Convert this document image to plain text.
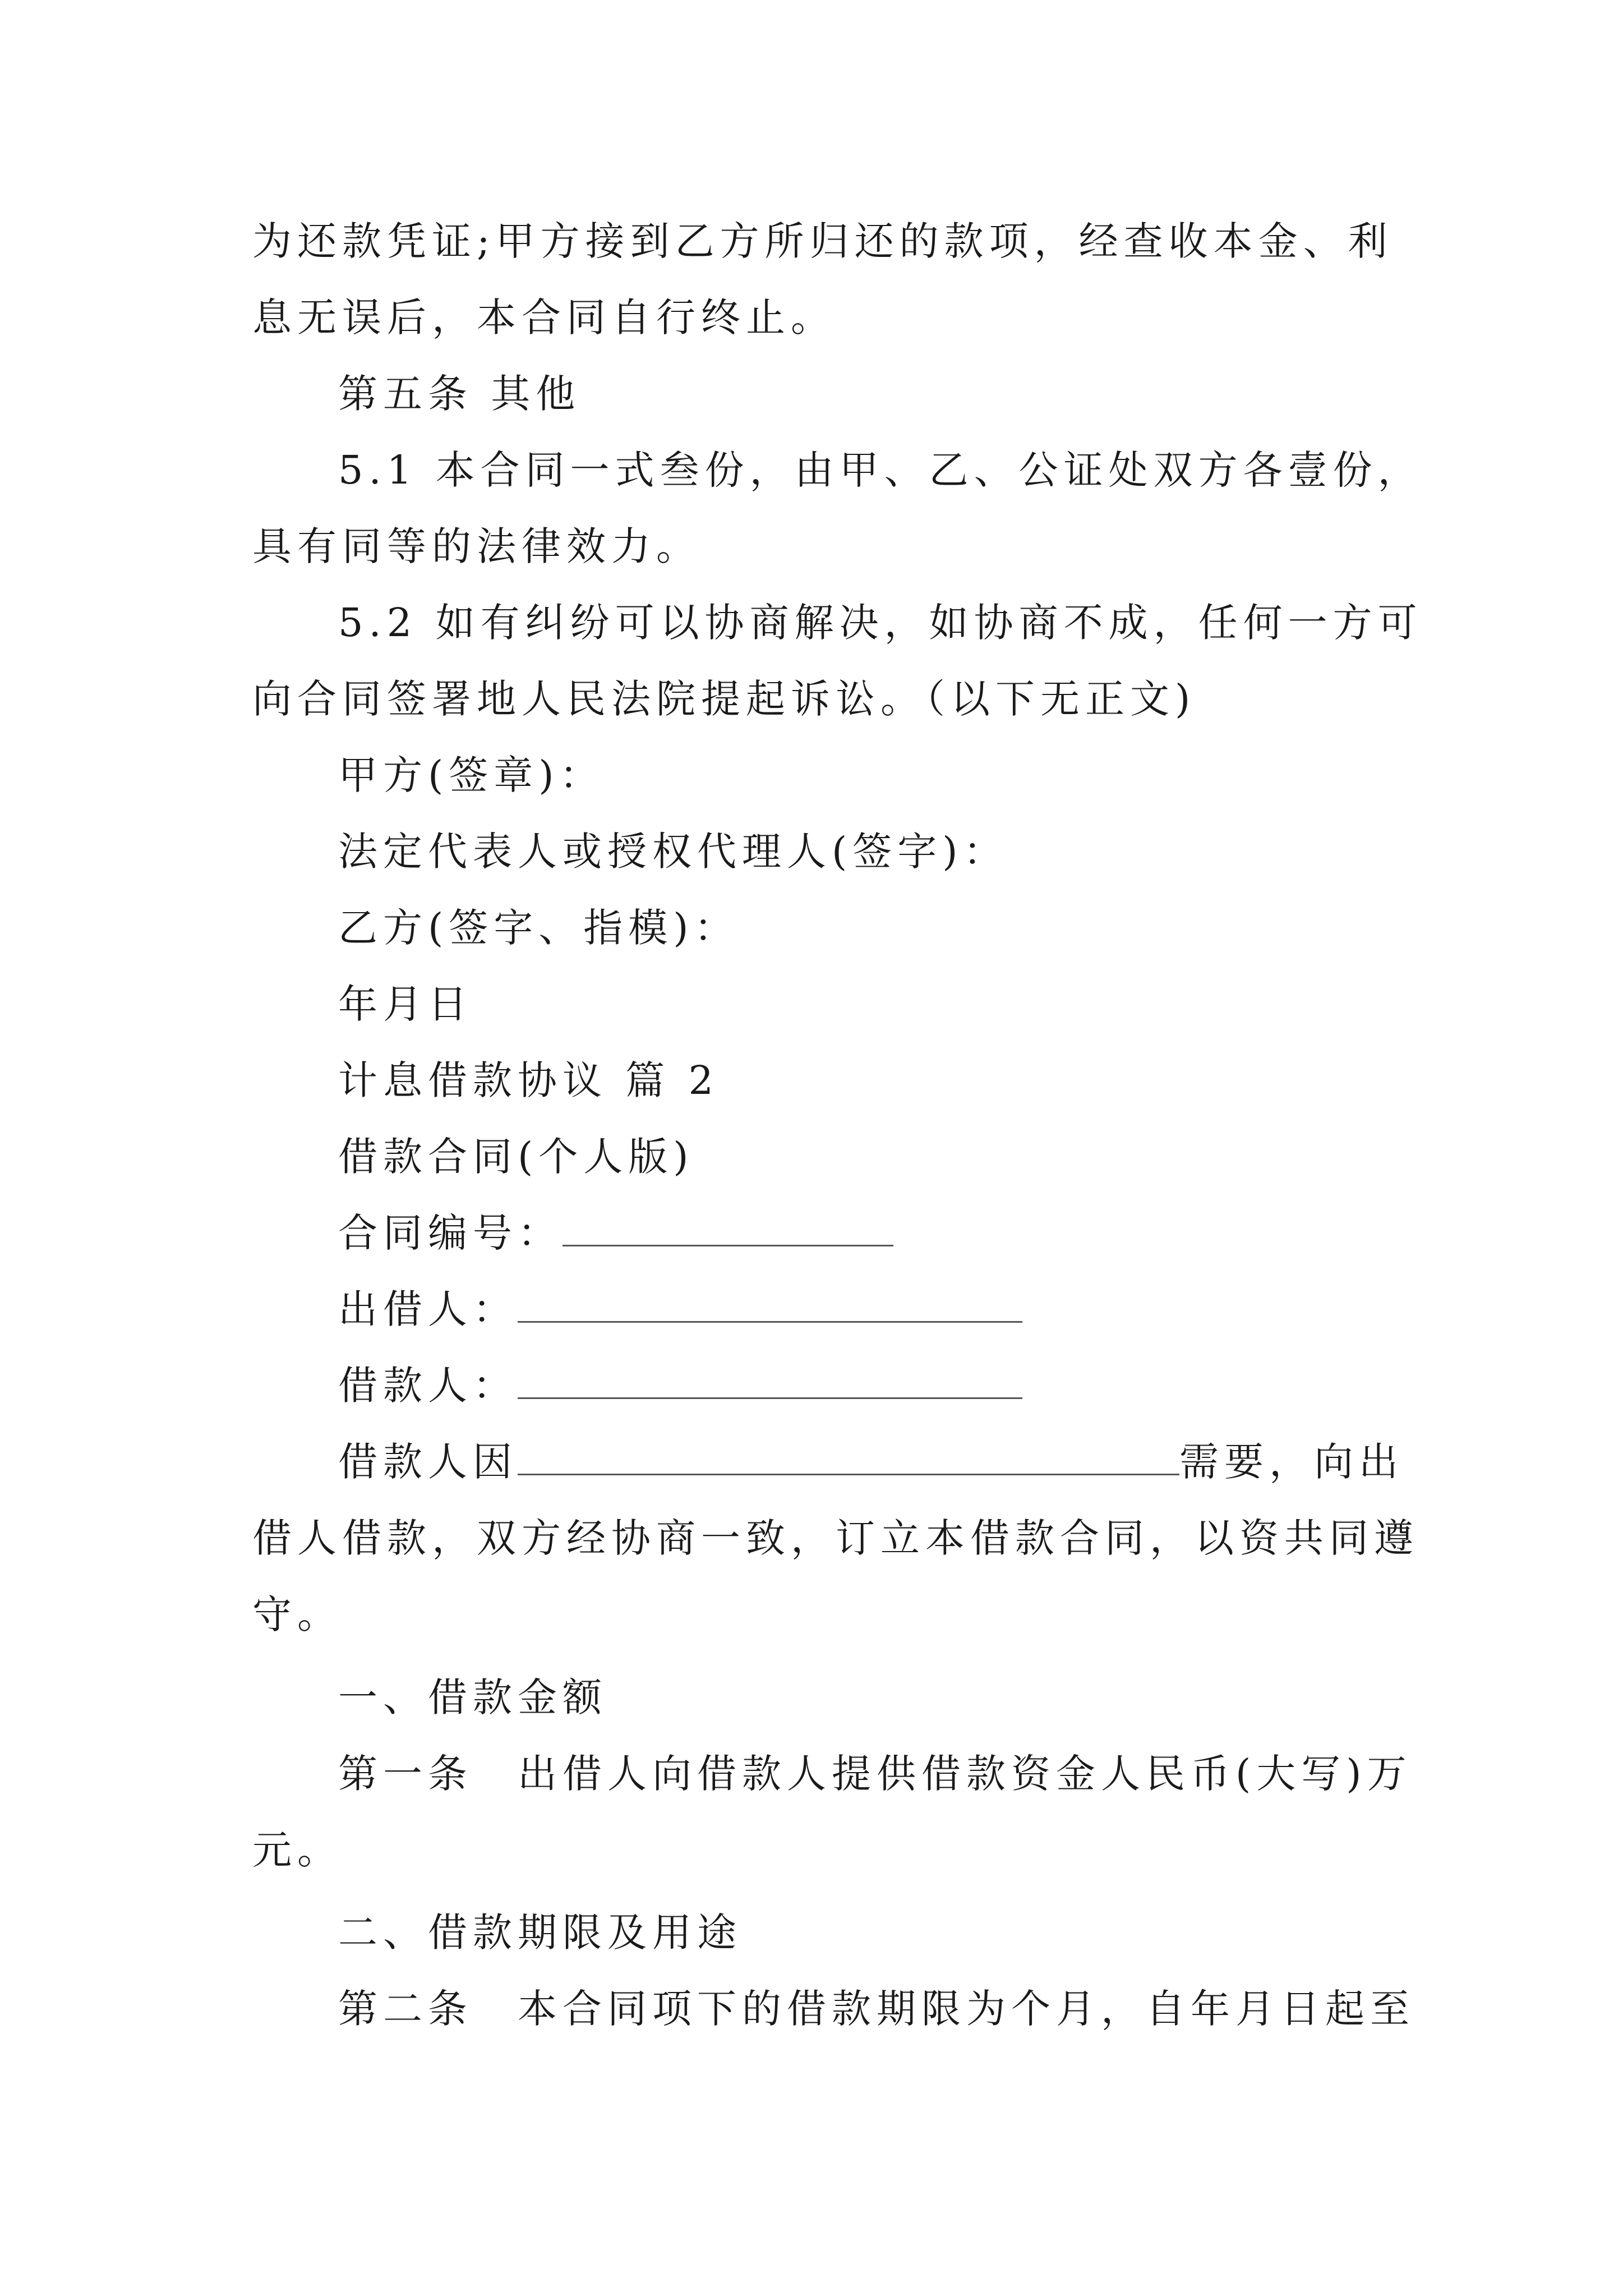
为还款凭证;甲方接到乙方所归还的款项，经查收本金、利
息无误后，本合同自行终止。
第五条 其他
5.1 本合同一式叁份，由甲、乙、公证处双方各壹份，
具有同等的法律效力。
5.2 如有纠纷可以协商解决，如协商不成，任何一方可
向合同签署地人民法院提起诉讼。（以下无正文)
甲方(签章)：
法定代表人或授权代理人(签字)：
乙方(签字、指模)：
年月日
计息借款协议 篇 2
借款合同(个人版)
合同编号：
出借人：
借款人：
借款人因	需要，向出
借人借款，双方经协商一致，订立本借款合同，以资共同遵
守。
一、借款金额
第一条　出借人向借款人提供借款资金人民币(大写)万
元。
二、借款期限及用途
第二条　本合同项下的借款期限为个月，自年月日起至
